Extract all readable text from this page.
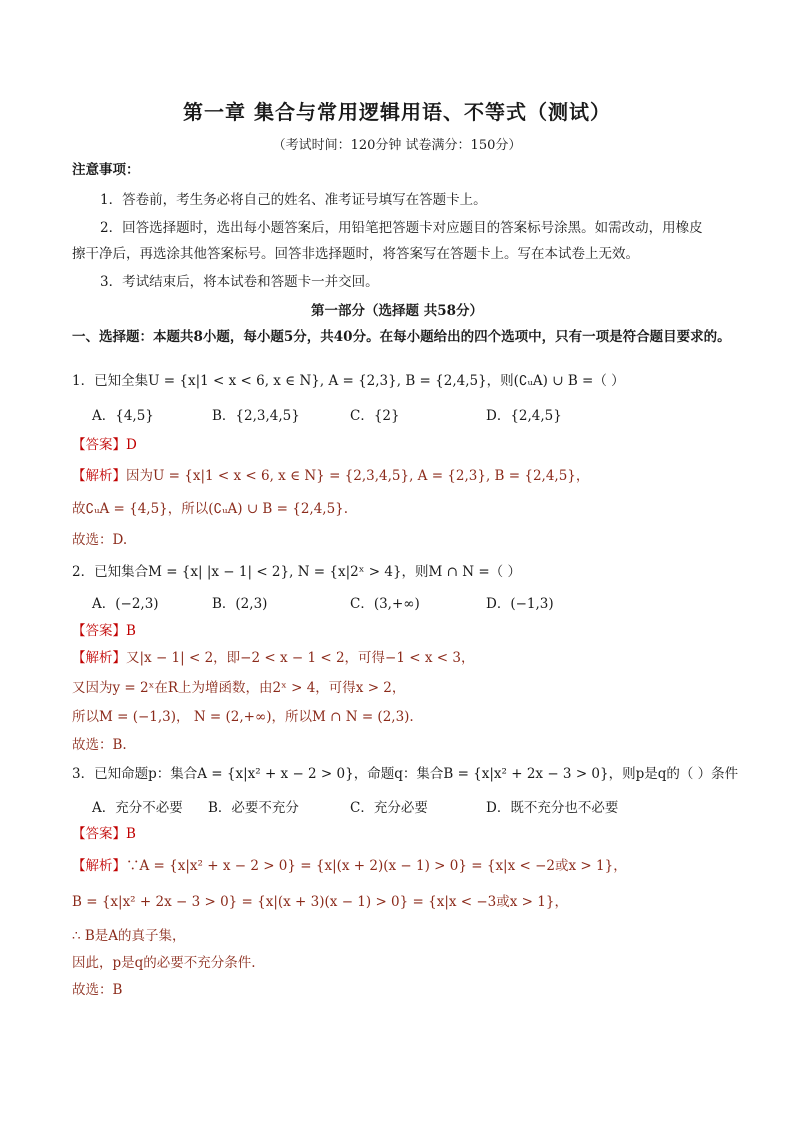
第一章 集合与常用逻辑用语、不等式（测试）
（考试时间：120分钟 试卷满分：150分）
注意事项：
1．答卷前，考生务必将自己的姓名、准考证号填写在答题卡上。
2．回答选择题时，选出每小题答案后，用铅笔把答题卡对应题目的答案标号涂黑。如需改动，用橡皮
擦干净后，再选涂其他答案标号。回答非选择题时，将答案写在答题卡上。写在本试卷上无效。
3．考试结束后，将本试卷和答题卡一并交回。
第一部分（选择题 共58分）
一、选择题：本题共8小题，每小题5分，共40分。在每小题给出的四个选项中，只有一项是符合题目要求的。
1．已知全集U = {x|1 < x < 6, x ∈ N}, A = {2,3}, B = {2,4,5}，则(∁ᵤA) ∪ B =（ ）
A．{4,5}	B．{2,3,4,5}	C．{2}	D．{2,4,5}
【答案】D
【解析】因为U = {x|1 < x < 6, x ∈ N} = {2,3,4,5}, A = {2,3}, B = {2,4,5}，
故∁ᵤA = {4,5}，所以(∁ᵤA) ∪ B = {2,4,5}.
故选：D.
2．已知集合M = {x| |x − 1| < 2}, N = {x|2ˣ > 4}，则M ∩ N =（ ）
A．(−2,3)	B．(2,3)	C．(3,+∞)	D．(−1,3)
【答案】B
【解析】又|x − 1| < 2，即−2 < x − 1 < 2，可得−1 < x < 3，
又因为y = 2ˣ在R上为增函数，由2ˣ > 4，可得x > 2，
所以M = (−1,3)， N = (2,+∞)，所以M ∩ N = (2,3).
故选：B.
3．已知命题p：集合A = {x|x² + x − 2 > 0}，命题q：集合B = {x|x² + 2x − 3 > 0}，则p是q的（ ）条件
A．充分不必要 B．必要不充分	C．充分必要	D．既不充分也不必要
【答案】B
【解析】∵A = {x|x² + x − 2 > 0} = {x|(x + 2)(x − 1) > 0} = {x|x < −2或x > 1}，
B = {x|x² + 2x − 3 > 0} = {x|(x + 3)(x − 1) > 0} = {x|x < −3或x > 1}，
∴ B是A的真子集，
因此，p是q的必要不充分条件.
故选：B
